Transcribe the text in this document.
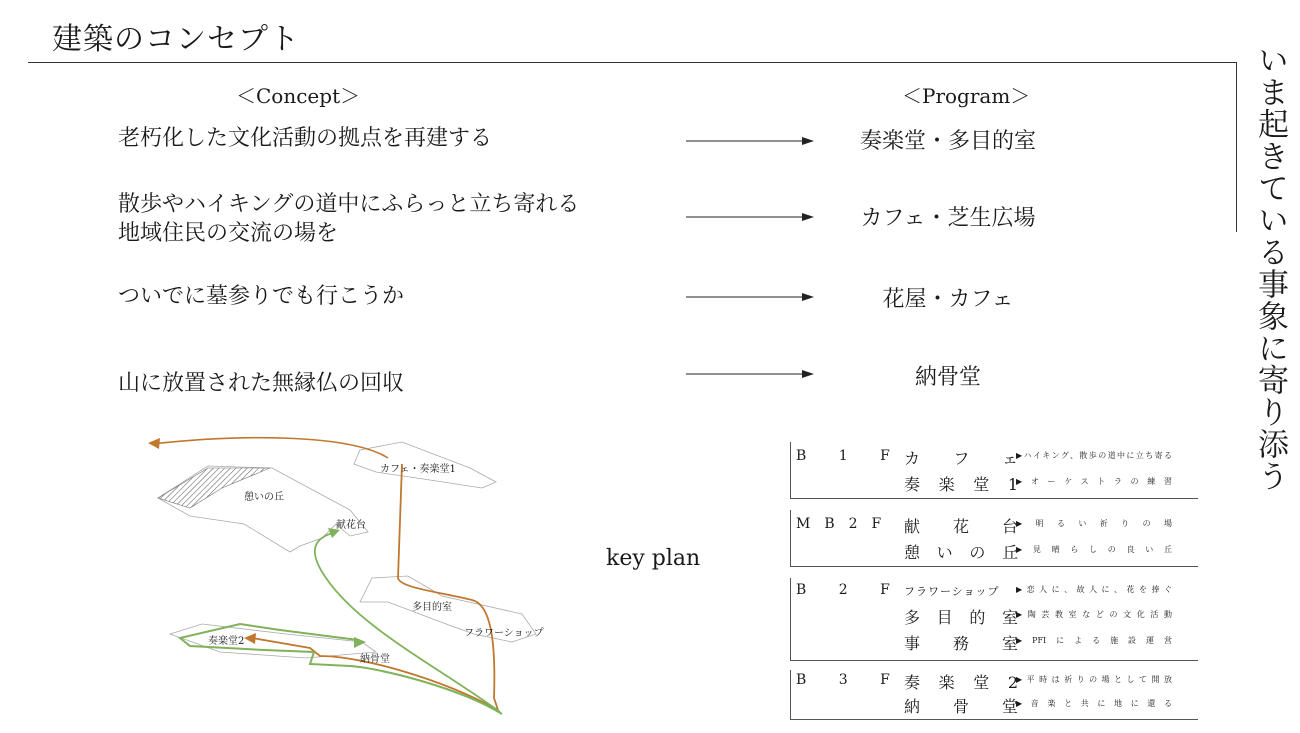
建築のコンセプト
いま起きている事象に寄り添う
＜Concept＞	＜Program＞
老朽化した文化活動の拠点を再建する
散歩やハイキングの道中にふらっと立ち寄れる
地域住民の交流の場を
ついでに墓参りでも行こうか
山に放置された無縁仏の回収
奏楽堂・多目的室
カフェ・芝生広場
花屋・カフェ
納骨堂
カフェ・奏楽堂1
憩いの丘
献花台
多目的室
フラワーショップ
奏楽堂2
納骨堂
key plan
B 1 F カフェ
▶ハイキング、散歩の道中に立ち寄る
奏楽堂1
▶オーケストラの練習
MB2F 献花台
▶明るい祈りの場
憩いの丘
▶見晴らしの良い丘
B 2 F フラワーショップ	▶恋人に、故人に、花を捧ぐ
多目的室
▶陶芸教室などの文化活動
事務室
▶PFIによる施設運営
B 3 F 奏楽堂2
▶平時は祈りの場として開放
納骨堂
▶音楽と共に地に還る
